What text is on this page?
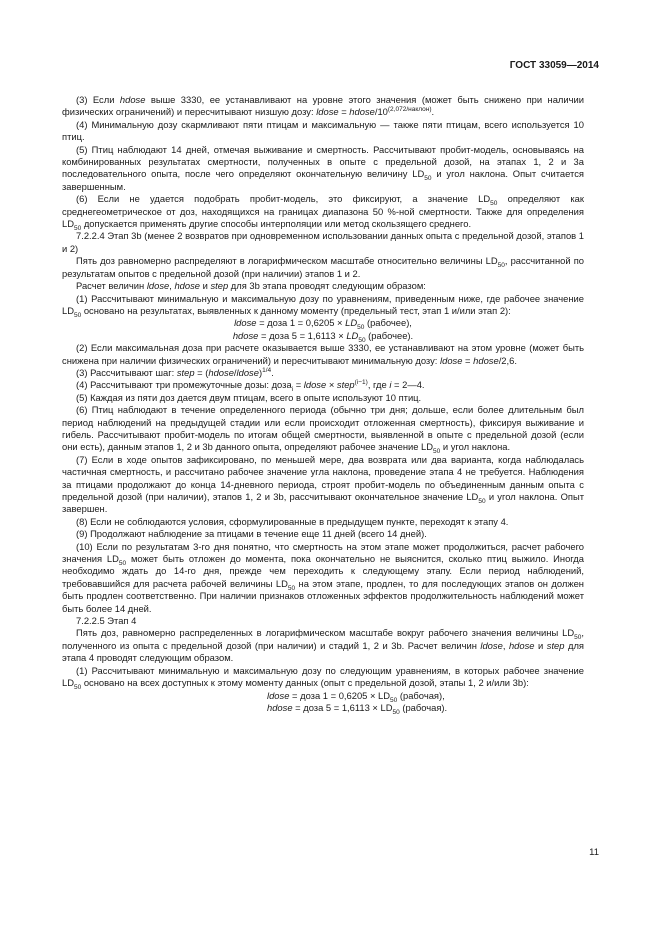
ГОСТ 33059—2014

(3) Если hdose выше 3330, ее устанавливают на уровне этого значения (может быть снижено при наличии физических ограничений) и пересчитывают низшую дозу: ldose = hdose/$10^{(2,072/наклон)}$.

(4) Минимальную дозу скармливают пяти птицам и максимальную — также пяти птицам, всего используется 10 птиц.

(5) Птиц наблюдают 14 дней, отмечая выживание и смертность. Рассчитывают пробит-модель, основываясь на комбинированных результатах смертности, полученных в опыте с предельной дозой, на этапах 1, 2 и 3a последовательного опыта, после чего определяют окончательную величину $LD_{50}$ и угол наклона. Опыт считается завершенным.

(6) Если не удается подобрать пробит-модель, это фиксируют, а значение $LD_{50}$ определяют как среднегеометрическое от доз, находящихся на границах диапазона 50 %-ной смертности. Также для определения $LD_{50}$ допускается применять другие способы интерполяции или метод скользящего среднего.

7.2.2.4 Этап 3b (менее 2 возвратов при одновременном использовании данных опыта с предельной дозой, этапов 1 и 2)

Пять доз равномерно распределяют в логарифмическом масштабе относительно величины $LD_{50}$, рассчитанной по результатам опытов с предельной дозой (при наличии) этапов 1 и 2.

Расчет величин ldose, hdose и step для 3b этапа проводят следующим образом:

(1) Рассчитывают минимальную и максимальную дозу по уравнениям, приведенным ниже, где рабочее значение $LD_{50}$ основано на результатах, выявленных к данному моменту (предельный тест, этап 1 и/или этап 2):

ldose = доза $1 = 0,6205 \times LD_{50}$ (рабочее),

hdose = доза $5 = 1,6113 \times LD_{50}$ (рабочее).

(2) Если максимальная доза при расчете оказывается выше 3330, ее устанавливают на этом уровне (может быть снижена при наличии физических ограничений) и пересчитывают минимальную дозу: ldose = hdose/2,6.

(3) Рассчитывают шаг: step = (hdose/ldose)$^{1/4}$.

(4) Рассчитывают три промежуточные дозы: доза$_i$ = ldose × step$^{(i-1)}$, где i = 2—4.

(5) Каждая из пяти доз дается двум птицам, всего в опыте используют 10 птиц.

(6) Птиц наблюдают в течение определенного периода (обычно три дня; дольше, если более длительным был период наблюдений на предыдущей стадии или если происходит отложенная смертность), фиксируя выживание и гибель. Рассчитывают пробит-модель по итогам общей смертности, выявленной в опыте с предельной дозой (если они есть), данным этапов 1, 2 и 3b данного опыта, определяют рабочее значение $LD_{50}$ и угол наклона.

(7) Если в ходе опытов зафиксировано, по меньшей мере, два возврата или два варианта, когда наблюдалась частичная смертность, и рассчитано рабочее значение угла наклона, проведение этапа 4 не требуется. Наблюдения за птицами продолжают до конца 14-дневного периода, строят пробит-модель по объединенным данным опыта с предельной дозой (при наличии), этапов 1, 2 и 3b, рассчитывают окончательное значение $LD_{50}$ и угол наклона. Опыт завершен.

(8) Если не соблюдаются условия, сформулированные в предыдущем пункте, переходят к этапу 4.

(9) Продолжают наблюдение за птицами в течение еще 11 дней (всего 14 дней).

(10) Если по результатам 3-го дня понятно, что смертность на этом этапе может продолжиться, расчет рабочего значения $LD_{50}$ может быть отложен до момента, пока окончательно не выяснится, сколько птиц выжило. Иногда необходимо ждать до 14-го дня, прежде чем переходить к следующему этапу. Если период наблюдений, требовавшийся для расчета рабочей величины $LD_{50}$ на этом этапе, продлен, то для последующих этапов он должен быть продлен соответственно. При наличии признаков отложенных эффектов продолжительность наблюдений может быть более 14 дней.

7.2.2.5 Этап 4

Пять доз, равномерно распределенных в логарифмическом масштабе вокруг рабочего значения величины $LD_{50}$, полученного из опыта с предельной дозой (при наличии) и стадий 1, 2 и 3b. Расчет величин ldose, hdose и step для этапа 4 проводят следующим образом.

(1) Рассчитывают минимальную и максимальную дозу по следующим уравнениям, в которых рабочее значение $LD_{50}$ основано на всех доступных к этому моменту данных (опыт с предельной дозой, этапы 1, 2 и/или 3b):

ldose = доза $1 = 0,6205 \times LD_{50}$ (рабочая),

hdose = доза $5 = 1,6113 \times LD_{50}$ (рабочая).

11
